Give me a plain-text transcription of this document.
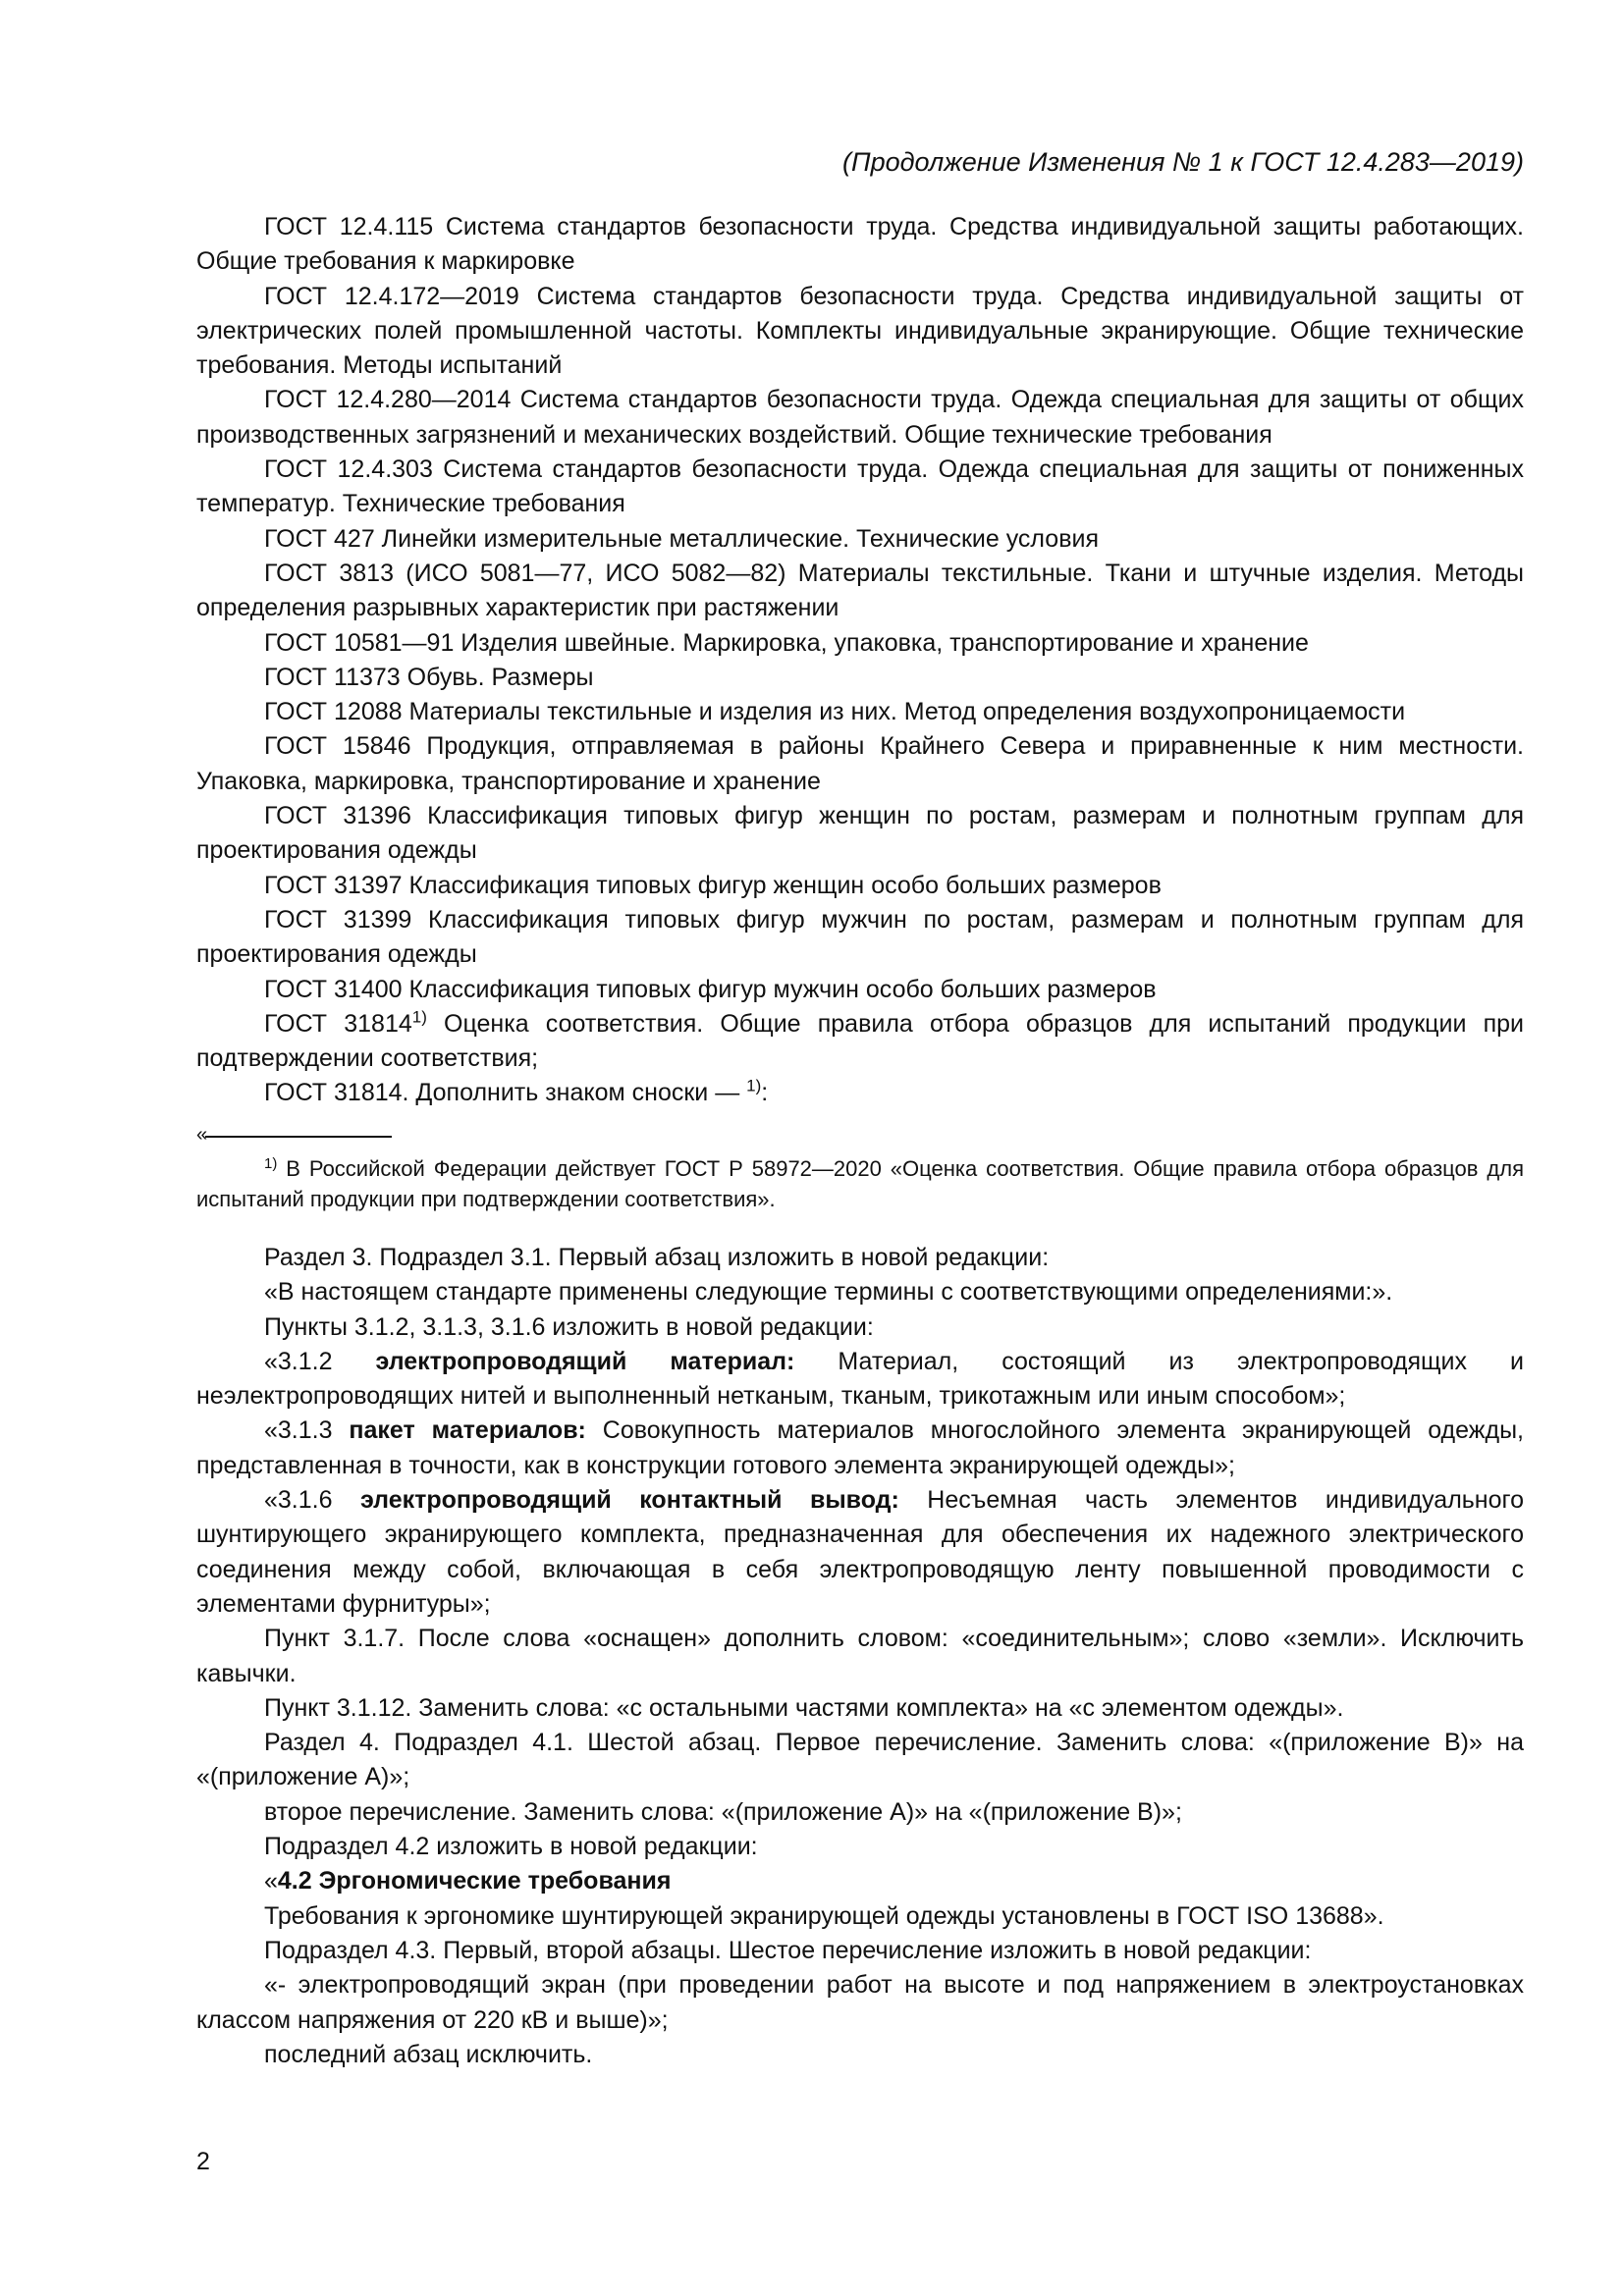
(Продолжение Изменения № 1 к ГОСТ 12.4.283—2019)

ГОСТ 12.4.115 Система стандартов безопасности труда. Средства индивидуальной защиты работающих. Общие требования к маркировке

ГОСТ 12.4.172—2019 Система стандартов безопасности труда. Средства индивидуальной защиты от электрических полей промышленной частоты. Комплекты индивидуальные экранирующие. Общие технические требования. Методы испытаний

ГОСТ 12.4.280—2014 Система стандартов безопасности труда. Одежда специальная для защиты от общих производственных загрязнений и механических воздействий. Общие технические требования

ГОСТ 12.4.303 Система стандартов безопасности труда. Одежда специальная для защиты от пониженных температур. Технические требования

ГОСТ 427 Линейки измерительные металлические. Технические условия

ГОСТ 3813 (ИСО 5081—77, ИСО 5082—82) Материалы текстильные. Ткани и штучные изделия. Методы определения разрывных характеристик при растяжении

ГОСТ 10581—91 Изделия швейные. Маркировка, упаковка, транспортирование и хранение

ГОСТ 11373 Обувь. Размеры

ГОСТ 12088 Материалы текстильные и изделия из них. Метод определения воздухопроницаемости

ГОСТ 15846 Продукция, отправляемая в районы Крайнего Севера и приравненные к ним местности. Упаковка, маркировка, транспортирование и хранение

ГОСТ 31396 Классификация типовых фигур женщин по ростам, размерам и полнотным группам для проектирования одежды

ГОСТ 31397 Классификация типовых фигур женщин особо больших размеров

ГОСТ 31399 Классификация типовых фигур мужчин по ростам, размерам и полнотным группам для проектирования одежды

ГОСТ 31400 Классификация типовых фигур мужчин особо больших размеров

ГОСТ 31814$^{1)}$ Оценка соответствия. Общие правила отбора образцов для испытаний продукции при подтверждении соответствия;

ГОСТ 31814. Дополнить знаком сноски — $^{1)}$:

«
$^{1)}$ В Российской Федерации действует ГОСТ Р 58972—2020 «Оценка соответствия. Общие правила отбора образцов для испытаний продукции при подтверждении соответствия».

Раздел 3. Подраздел 3.1. Первый абзац изложить в новой редакции:

«В настоящем стандарте применены следующие термины с соответствующими определениями:».

Пункты 3.1.2, 3.1.3, 3.1.6 изложить в новой редакции:

«3.1.2 электропроводящий материал: Материал, состоящий из электропроводящих и неэлектропроводящих нитей и выполненный нетканым, тканым, трикотажным или иным способом»;

«3.1.3 пакет материалов: Совокупность материалов многослойного элемента экранирующей одежды, представленная в точности, как в конструкции готового элемента экранирующей одежды»;

«3.1.6 электропроводящий контактный вывод: Несъемная часть элементов индивидуального шунтирующего экранирующего комплекта, предназначенная для обеспечения их надежного электрического соединения между собой, включающая в себя электропроводящую ленту повышенной проводимости с элементами фурнитуры»;

Пункт 3.1.7. После слова «оснащен» дополнить словом: «соединительным»; слово «земли». Исключить кавычки.

Пункт 3.1.12. Заменить слова: «с остальными частями комплекта» на «с элементом одежды».

Раздел 4. Подраздел 4.1. Шестой абзац. Первое перечисление. Заменить слова: «(приложение В)» на «(приложение А)»;

второе перечисление. Заменить слова: «(приложение А)» на «(приложение В)»;

Подраздел 4.2 изложить в новой редакции:

«4.2 Эргономические требования

Требования к эргономике шунтирующей экранирующей одежды установлены в ГОСТ ISO 13688».

Подраздел 4.3. Первый, второй абзацы. Шестое перечисление изложить в новой редакции:

«- электропроводящий экран (при проведении работ на высоте и под напряжением в электроустановках классом напряжения от 220 кВ и выше)»;

последний абзац исключить.

2
